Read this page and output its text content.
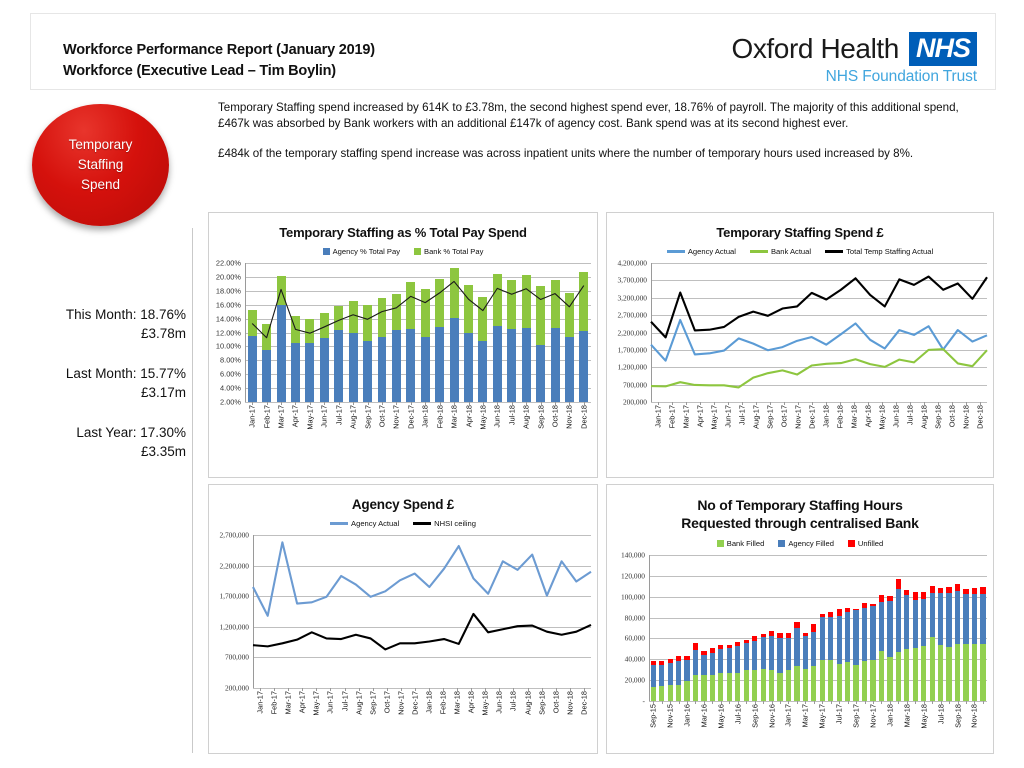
Workforce Performance Report (January 2019)
Workforce (Executive Lead – Tim Boylin)
Oxford Health NHS
NHS Foundation Trust
Temporary
Staffing
Spend

Temporary Staffing spend increased by 614K to £3.78m, the second highest spend ever, 18.76% of payroll. The majority of this additional spend, £467k was absorbed by Bank workers with an additional £147k of agency cost. Bank spend was at its second highest ever.

£484k of the temporary staffing spend increase was across inpatient units where the number of temporary hours used increased by 8%.

This Month: 18.76%
£3.78m
Last Month: 15.77%
£3.17m
Last Year: 17.30%
£3.35m
Temporary Staffing as % Total Pay Spend
Agency % Total Pay	Bank % Total Pay
22.00%
20.00%
18.00%
16.00%
14.00%
12.00%
10.00%
8.00%
6.00%
4.00%
2.00%
Jan-17 Feb-17 Mar-17 Apr-17 May-17 Jun-17 Jul-17 Aug-17 Sep-17 Oct-17 Nov-17 Dec-17 Jan-18 Feb-18 Mar-18 Apr-18 May-18 Jun-18 Jul-18 Aug-18 Sep-18 Oct-18 Nov-18 Dec-18
Temporary Staffing Spend £
Agency Actual	Bank Actual	Total Temp Staffing Actual
4,200,000
3,700,000
3,200,000
2,700,000
2,200,000
1,700,000
1,200,000
700,000
200,000
Jan-17 Feb-17 Mar-17 Apr-17 May-17 Jun-17 Jul-17 Aug-17 Sep-17 Oct-17 Nov-17 Dec-17 Jan-18 Feb-18 Mar-18 Apr-18 May-18 Jun-18 Jul-18 Aug-18 Sep-18 Oct-18 Nov-18 Dec-18
Agency Spend £
Agency Actual	NHSI ceiling
2,700,000
2,200,000
1,700,000
1,200,000
700,000
200,000
Jan-17 Feb-17 Mar-17 Apr-17 May-17 Jun-17 Jul-17 Aug-17 Sep-17 Oct-17 Nov-17 Dec-17 Jan-18 Feb-18 Mar-18 Apr-18 May-18 Jun-18 Jul-18 Aug-18 Sep-18 Oct-18 Nov-18 Dec-18
No of Temporary Staffing Hours
Requested through centralised Bank
Bank Filled	Agency Filled	Unfilled
140,000
120,000
100,000
80,000
60,000
40,000
20,000
-
Sep-15 Nov-15 Jan-16 Mar-16 May-16 Jul-16 Sep-16 Nov-16 Jan-17 Mar-17 May-17 Jul-17 Sep-17 Nov-17 Jan-18 Mar-18 May-18 Jul-18 Sep-18 Nov-18
